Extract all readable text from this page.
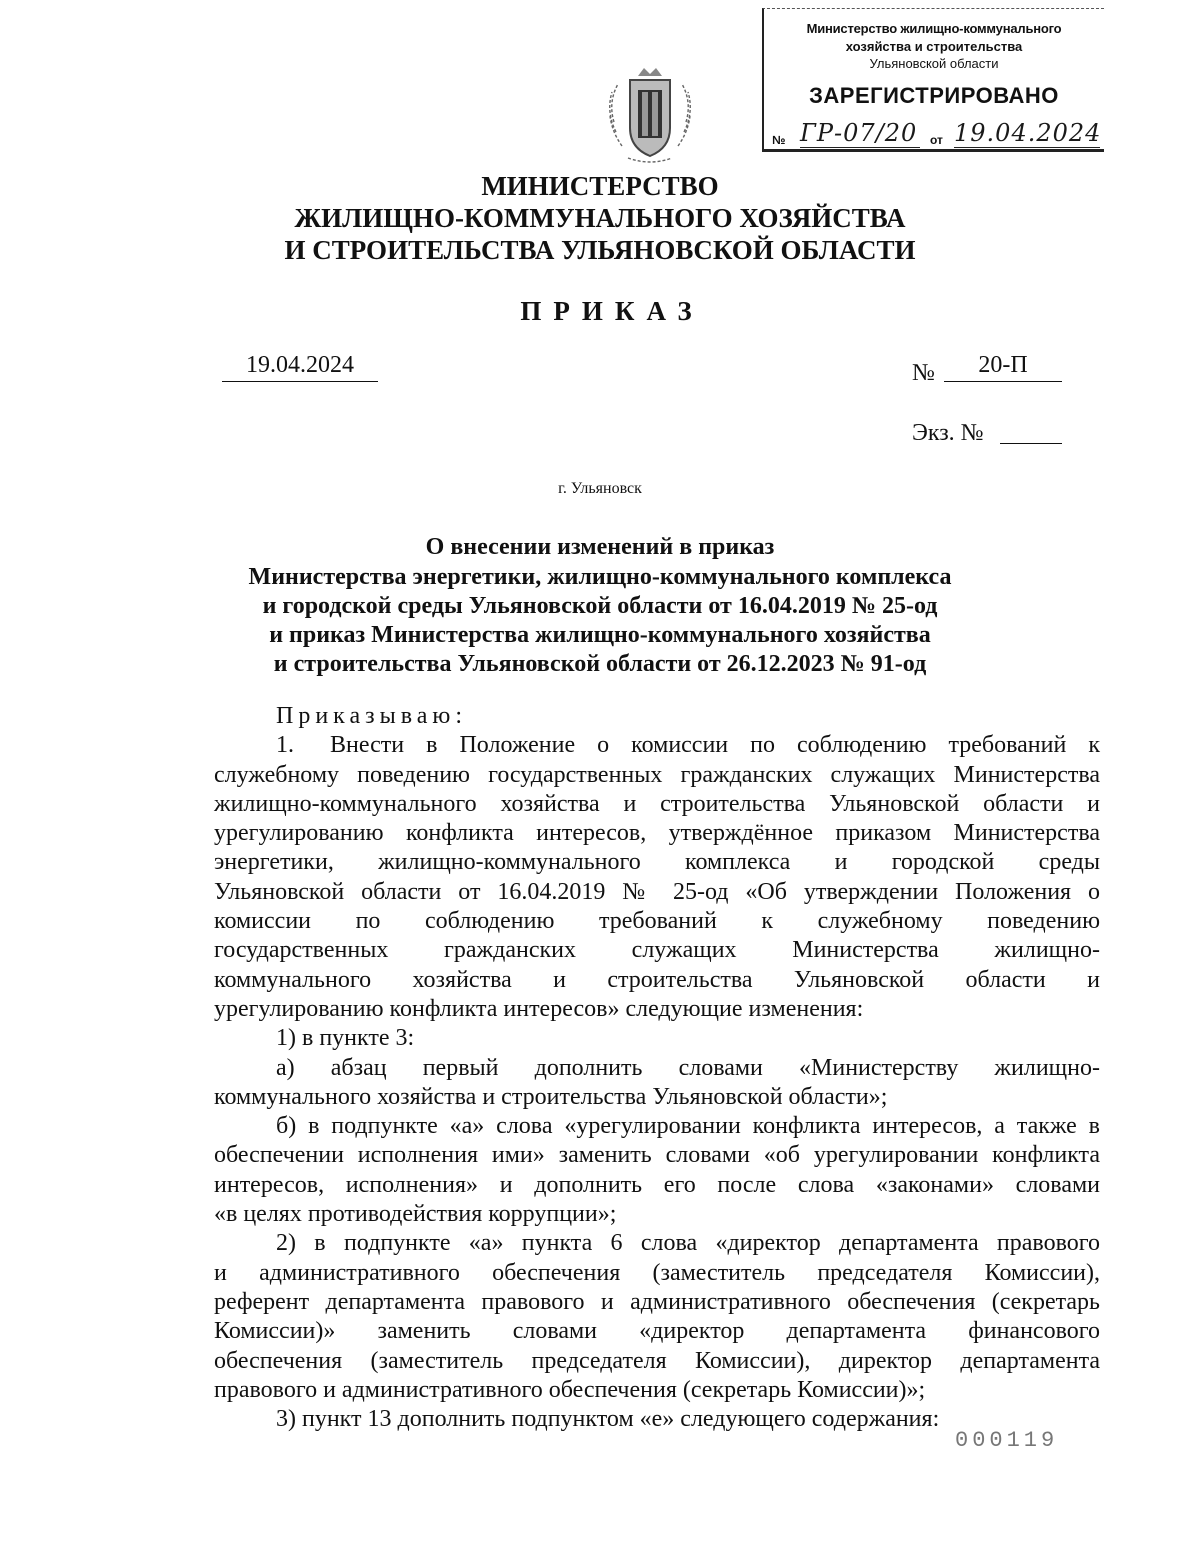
Министерство жилищно-коммунального
хозяйства и строительства
Ульяновской области
ЗАРЕГИСТРИРОВАНО
№ ГР-07/20 от 19.04.2024
МИНИСТЕРСТВО
ЖИЛИЩНО-КОММУНАЛЬНОГО ХОЗЯЙСТВА
И СТРОИТЕЛЬСТВА УЛЬЯНОВСКОЙ ОБЛАСТИ
ПРИКАЗ
19.04.2024	№	20-П
Экз. №
г. Ульяновск
О внесении изменений в приказ
Министерства энергетики, жилищно-коммунального комплекса
и городской среды Ульяновской области от 16.04.2019 № 25-од
и приказ Министерства жилищно-коммунального хозяйства
и строительства Ульяновской области от 26.12.2023 № 91-од
Приказываю:
1.  Внести в Положение о комиссии по соблюдению требований к
служебному поведению государственных гражданских служащих Министерства
жилищно-коммунального хозяйства и строительства Ульяновской области и
урегулированию конфликта интересов, утверждённое приказом Министерства
энергетики, жилищно-коммунального комплекса и городской среды
Ульяновской области от 16.04.2019 № 25-од «Об утверждении Положения о
комиссии по соблюдению требований к служебному поведению
государственных гражданских служащих Министерства жилищно-
коммунального хозяйства и строительства Ульяновской области и
урегулированию конфликта интересов» следующие изменения:
1) в пункте 3:
а) абзац первый дополнить словами «Министерству жилищно-
коммунального хозяйства и строительства Ульяновской области»;
б) в подпункте «а» слова «урегулировании конфликта интересов, а также в
обеспечении исполнения ими» заменить словами «об урегулировании конфликта
интересов, исполнения» и дополнить его после слова «законами» словами
«в целях противодействия коррупции»;
2) в подпункте «а» пункта 6 слова «директор департамента правового
и административного обеспечения (заместитель председателя Комиссии),
референт департамента правового и административного обеспечения (секретарь
Комиссии)» заменить словами «директор департамента финансового
обеспечения (заместитель председателя Комиссии), директор департамента
правового и административного обеспечения (секретарь Комиссии)»;
3) пункт 13 дополнить подпунктом «е» следующего содержания:
000119
